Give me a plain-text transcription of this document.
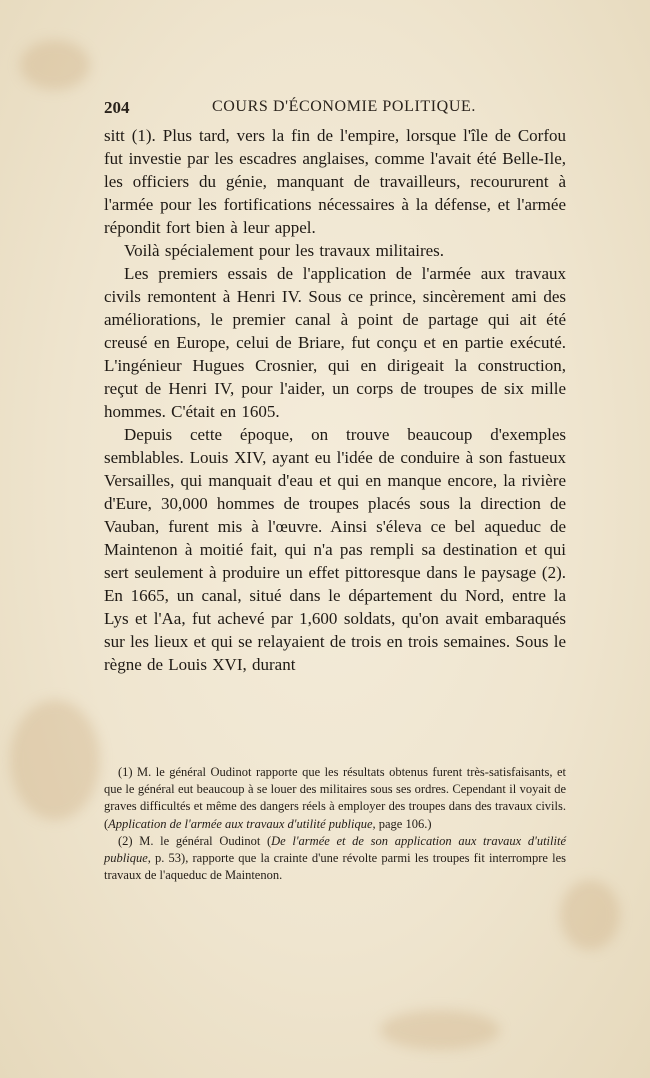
204	COURS D'ÉCONOMIE POLITIQUE.

sitt (1). Plus tard, vers la fin de l'empire, lorsque l'île de Corfou fut investie par les escadres anglaises, comme l'avait été Belle-Ile, les officiers du génie, manquant de travailleurs, recoururent à l'armée pour les fortifications nécessaires à la défense, et l'armée répondit fort bien à leur appel.

Voilà spécialement pour les travaux militaires.

Les premiers essais de l'application de l'armée aux travaux civils remontent à Henri IV. Sous ce prince, sincèrement ami des améliorations, le premier canal à point de partage qui ait été creusé en Europe, celui de Briare, fut conçu et en partie exécuté. L'ingénieur Hugues Crosnier, qui en dirigeait la construction, reçut de Henri IV, pour l'aider, un corps de troupes de six mille hommes. C'était en 1605.

Depuis cette époque, on trouve beaucoup d'exemples semblables. Louis XIV, ayant eu l'idée de conduire à son fastueux Versailles, qui manquait d'eau et qui en manque encore, la rivière d'Eure, 30,000 hommes de troupes placés sous la direction de Vauban, furent mis à l'œuvre. Ainsi s'éleva ce bel aqueduc de Maintenon à moitié fait, qui n'a pas rempli sa destination et qui sert seulement à produire un effet pittoresque dans le paysage (2). En 1665, un canal, situé dans le département du Nord, entre la Lys et l'Aa, fut achevé par 1,600 soldats, qu'on avait embaraqués sur les lieux et qui se relayaient de trois en trois semaines. Sous le règne de Louis XVI, durant

(1) M. le général Oudinot rapporte que les résultats obtenus furent très-satisfaisants, et que le général eut beaucoup à se louer des militaires sous ses ordres. Cependant il voyait de graves difficultés et même des dangers réels à employer des troupes dans des travaux civils. (Application de l'armée aux travaux d'utilité publique, page 106.)

(2) M. le général Oudinot (De l'armée et de son application aux travaux d'utilité publique, p. 53), rapporte que la crainte d'une révolte parmi les troupes fit interrompre les travaux de l'aqueduc de Maintenon.
